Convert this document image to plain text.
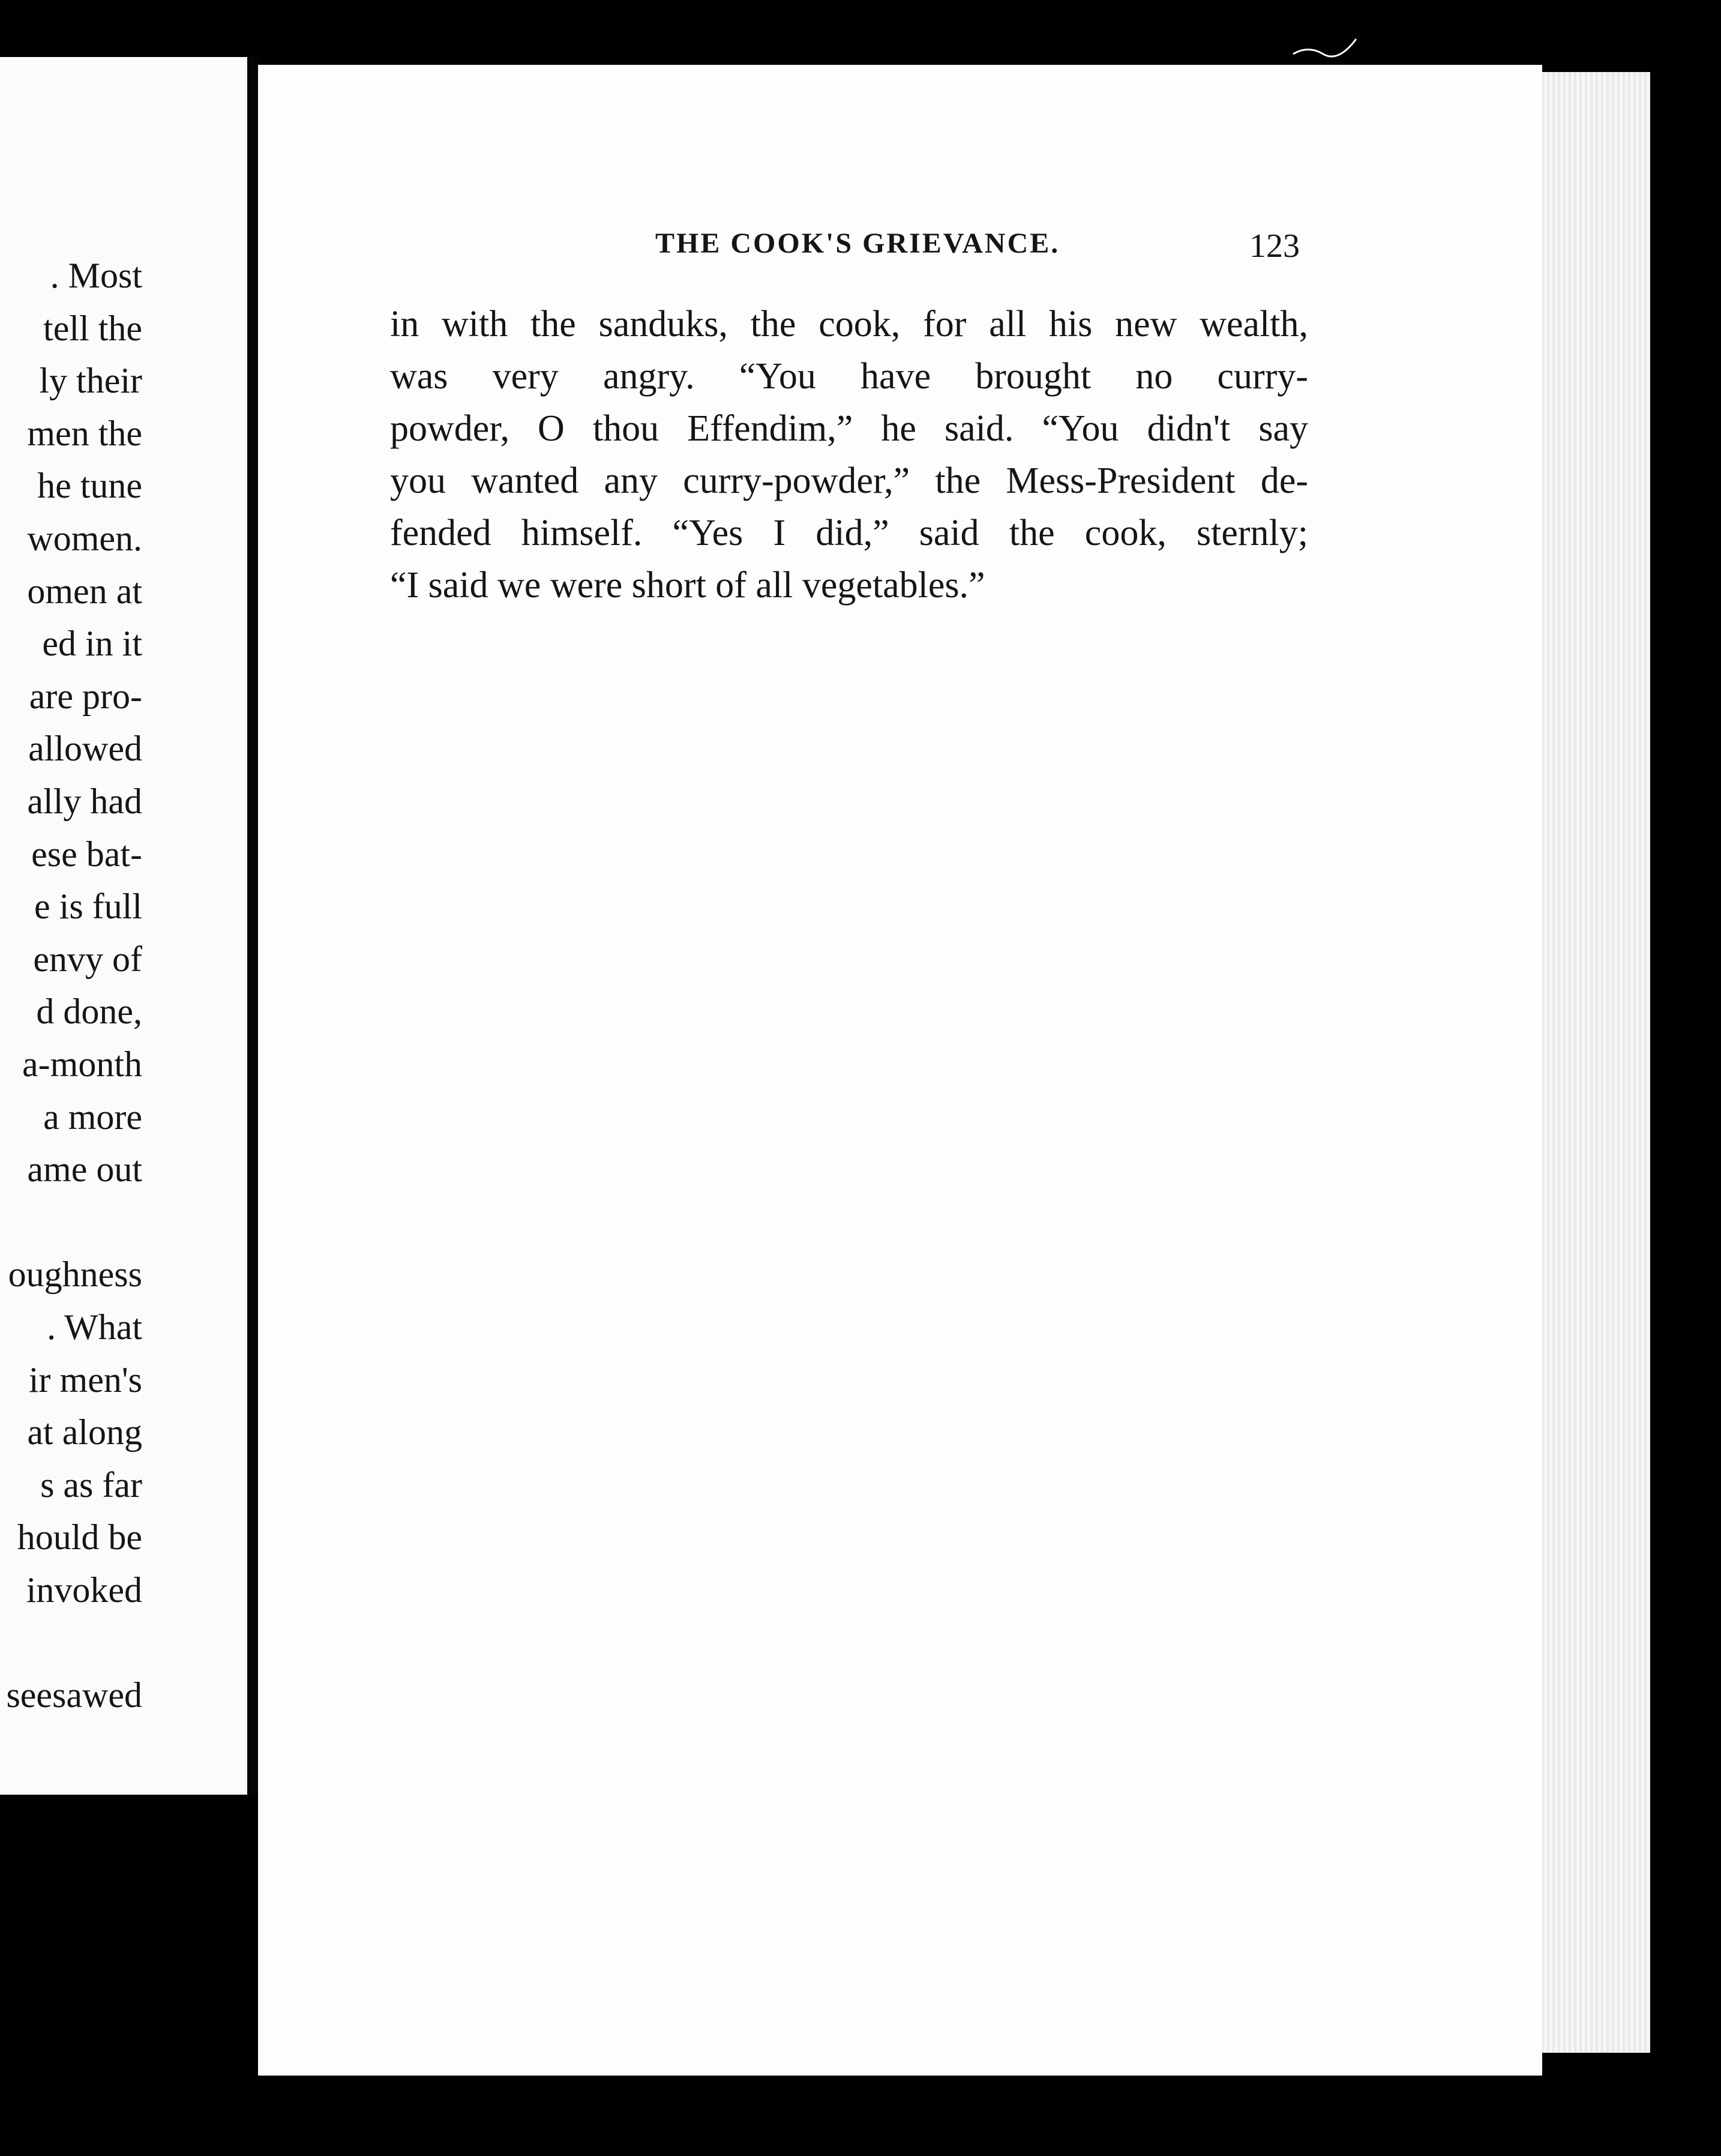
. Most
tell the
ly their
men the
he tune
women.
omen at
ed in it
are pro-
allowed
ally had
ese bat-
e is full
envy of
d done,
a-month
a more
ame out
oughness
. What
ir men's
at along
s as far
hould be
invoked
seesawed
THE COOK'S GRIEVANCE.	123
in with the sanduks, the cook, for all his new wealth,
was very angry. “You have brought no curry-
powder, O thou Effendim,” he said. “You didn't say
you wanted any curry-powder,” the Mess-President de-
fended himself. “Yes I did,” said the cook, sternly;
“I said we were short of all vegetables.”
